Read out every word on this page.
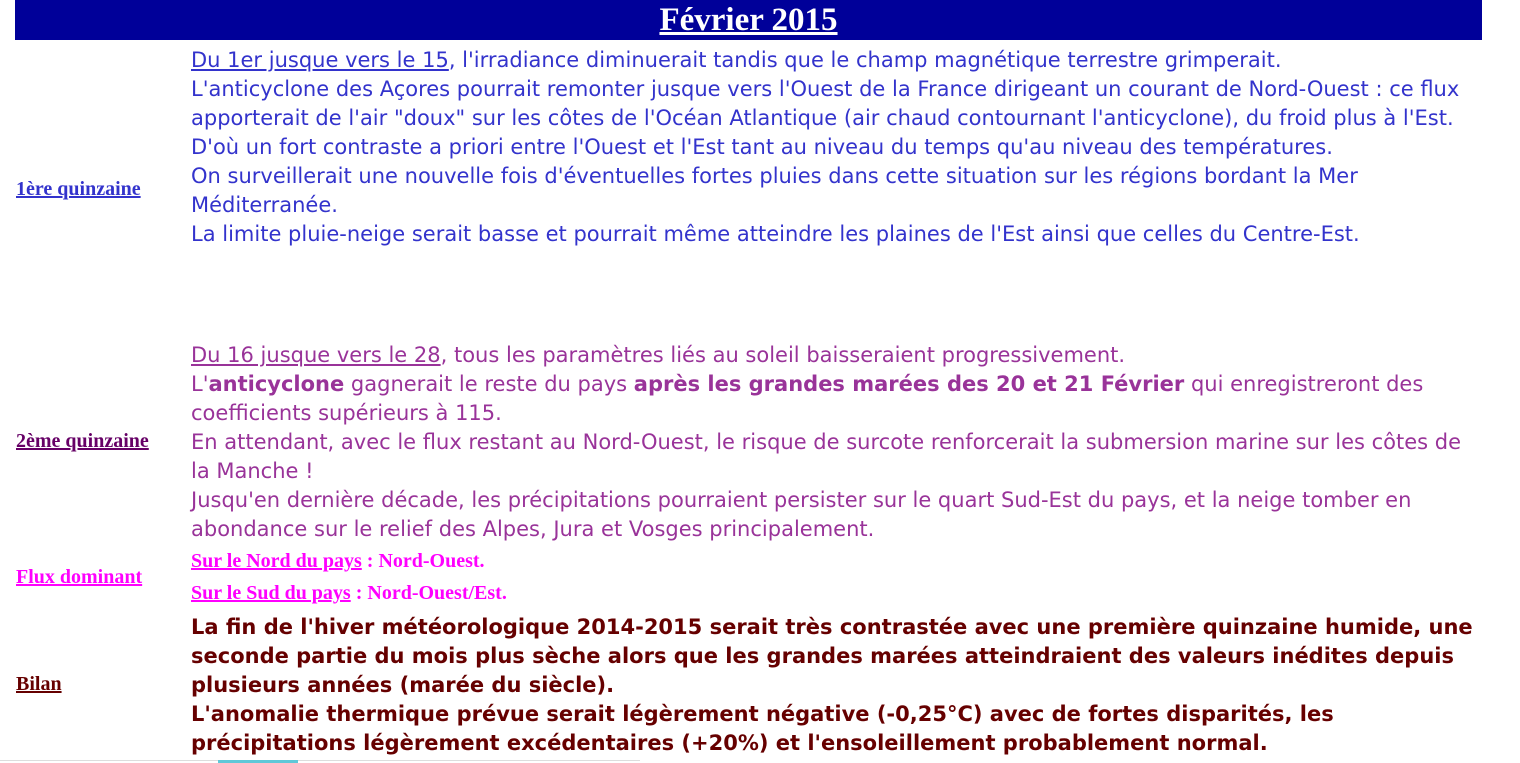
Février 2015
1ère quinzaine

Du 1er jusque vers le 15, l'irradiance diminuerait tandis que le champ magnétique terrestre grimperait.

L'anticyclone des Açores pourrait remonter jusque vers l'Ouest de la France dirigeant un courant de Nord-Ouest : ce flux apporterait de l'air "doux" sur les côtes de l'Océan Atlantique (air chaud contournant l'anticyclone), du froid plus à l'Est.

D'où un fort contraste a priori entre l'Ouest et l'Est tant au niveau du temps qu'au niveau des températures.

On surveillerait une nouvelle fois d'éventuelles fortes pluies dans cette situation sur les régions bordant la Mer Méditerranée.

La limite pluie-neige serait basse et pourrait même atteindre les plaines de l'Est ainsi que celles du Centre-Est.

2ème quinzaine

Du 16 jusque vers le 28, tous les paramètres liés au soleil baisseraient progressivement.

L'anticyclone gagnerait le reste du pays après les grandes marées des 20 et 21 Février qui enregistreront des coefficients supérieurs à 115.

En attendant, avec le flux restant au Nord-Ouest, le risque de surcote renforcerait la submersion marine sur les côtes de la Manche !

Jusqu'en dernière décade, les précipitations pourraient persister sur le quart Sud-Est du pays, et la neige tomber en abondance sur le relief des Alpes, Jura et Vosges principalement.

Flux dominant

Sur le Nord du pays : Nord-Ouest.

Sur le Sud du pays : Nord-Ouest/Est.

Bilan

La fin de l'hiver météorologique 2014-2015 serait très contrastée avec une première quinzaine humide, une seconde partie du mois plus sèche alors que les grandes marées atteindraient des valeurs inédites depuis plusieurs années (marée du siècle).

L'anomalie thermique prévue serait légèrement négative (-0,25°C) avec de fortes disparités, les précipitations légèrement excédentaires (+20%) et l'ensoleillement probablement normal.
